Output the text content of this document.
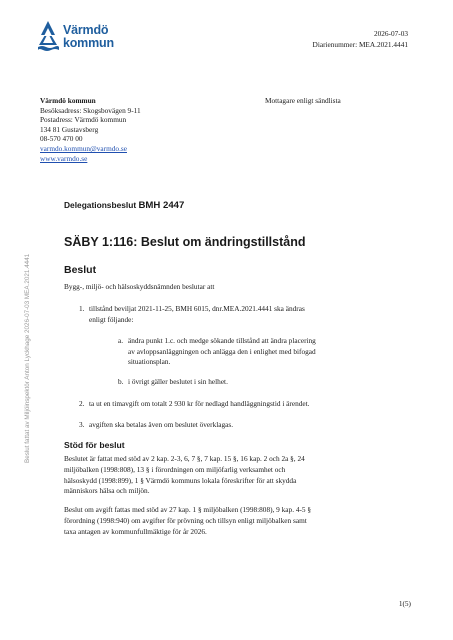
Värmdö
kommun
2026-07-03
Diarienummer: MEA.2021.4441
Värmdö kommun
Besöksadress: Skogsbovägen 9-11
Postadress: Värmdö kommun
134 81 Gustavsberg
08-570 470 00
varmdo.kommun@varmdo.se
www.varmdo.se
Mottagare enligt sändlista
Beslut fattat av Miljöinspektör Anton Lyckhage 2026-07-03 MEA.2021.4441
Delegationsbeslut BMH 2447
SÄBY 1:116: Beslut om ändringstillstånd
Beslut
Bygg-, miljö- och hälsoskyddsnämnden beslutar att
1. tillstånd beviljat 2021-11-25, BMH 6015, dnr.MEA.2021.4441 ska ändras
enligt följande:
a. ändra punkt 1.c. och medge sökande tillstånd att ändra placering
av avloppsanläggningen och anlägga den i enlighet med bifogad
situationsplan.
b. i övrigt gäller beslutet i sin helhet.
2. ta ut en timavgift om totalt 2 930 kr för nedlagd handläggningstid i ärendet.
3. avgiften ska betalas även om beslutet överklagas.
Stöd för beslut
Beslutet är fattat med stöd av 2 kap. 2-3, 6, 7 §, 7 kap. 15 §, 16 kap. 2 och 2a §, 24
miljöbalken (1998:808), 13 § i förordningen om miljöfarlig verksamhet och
hälsoskydd (1998:899), 1 § Värmdö kommuns lokala föreskrifter för att skydda
människors hälsa och miljön.
Beslut om avgift fattas med stöd av 27 kap. 1 § miljöbalken (1998:808), 9 kap. 4-5 §
förordning (1998:940) om avgifter för prövning och tillsyn enligt miljöbalken samt
taxa antagen av kommunfullmäktige för år 2026.
1(5)
